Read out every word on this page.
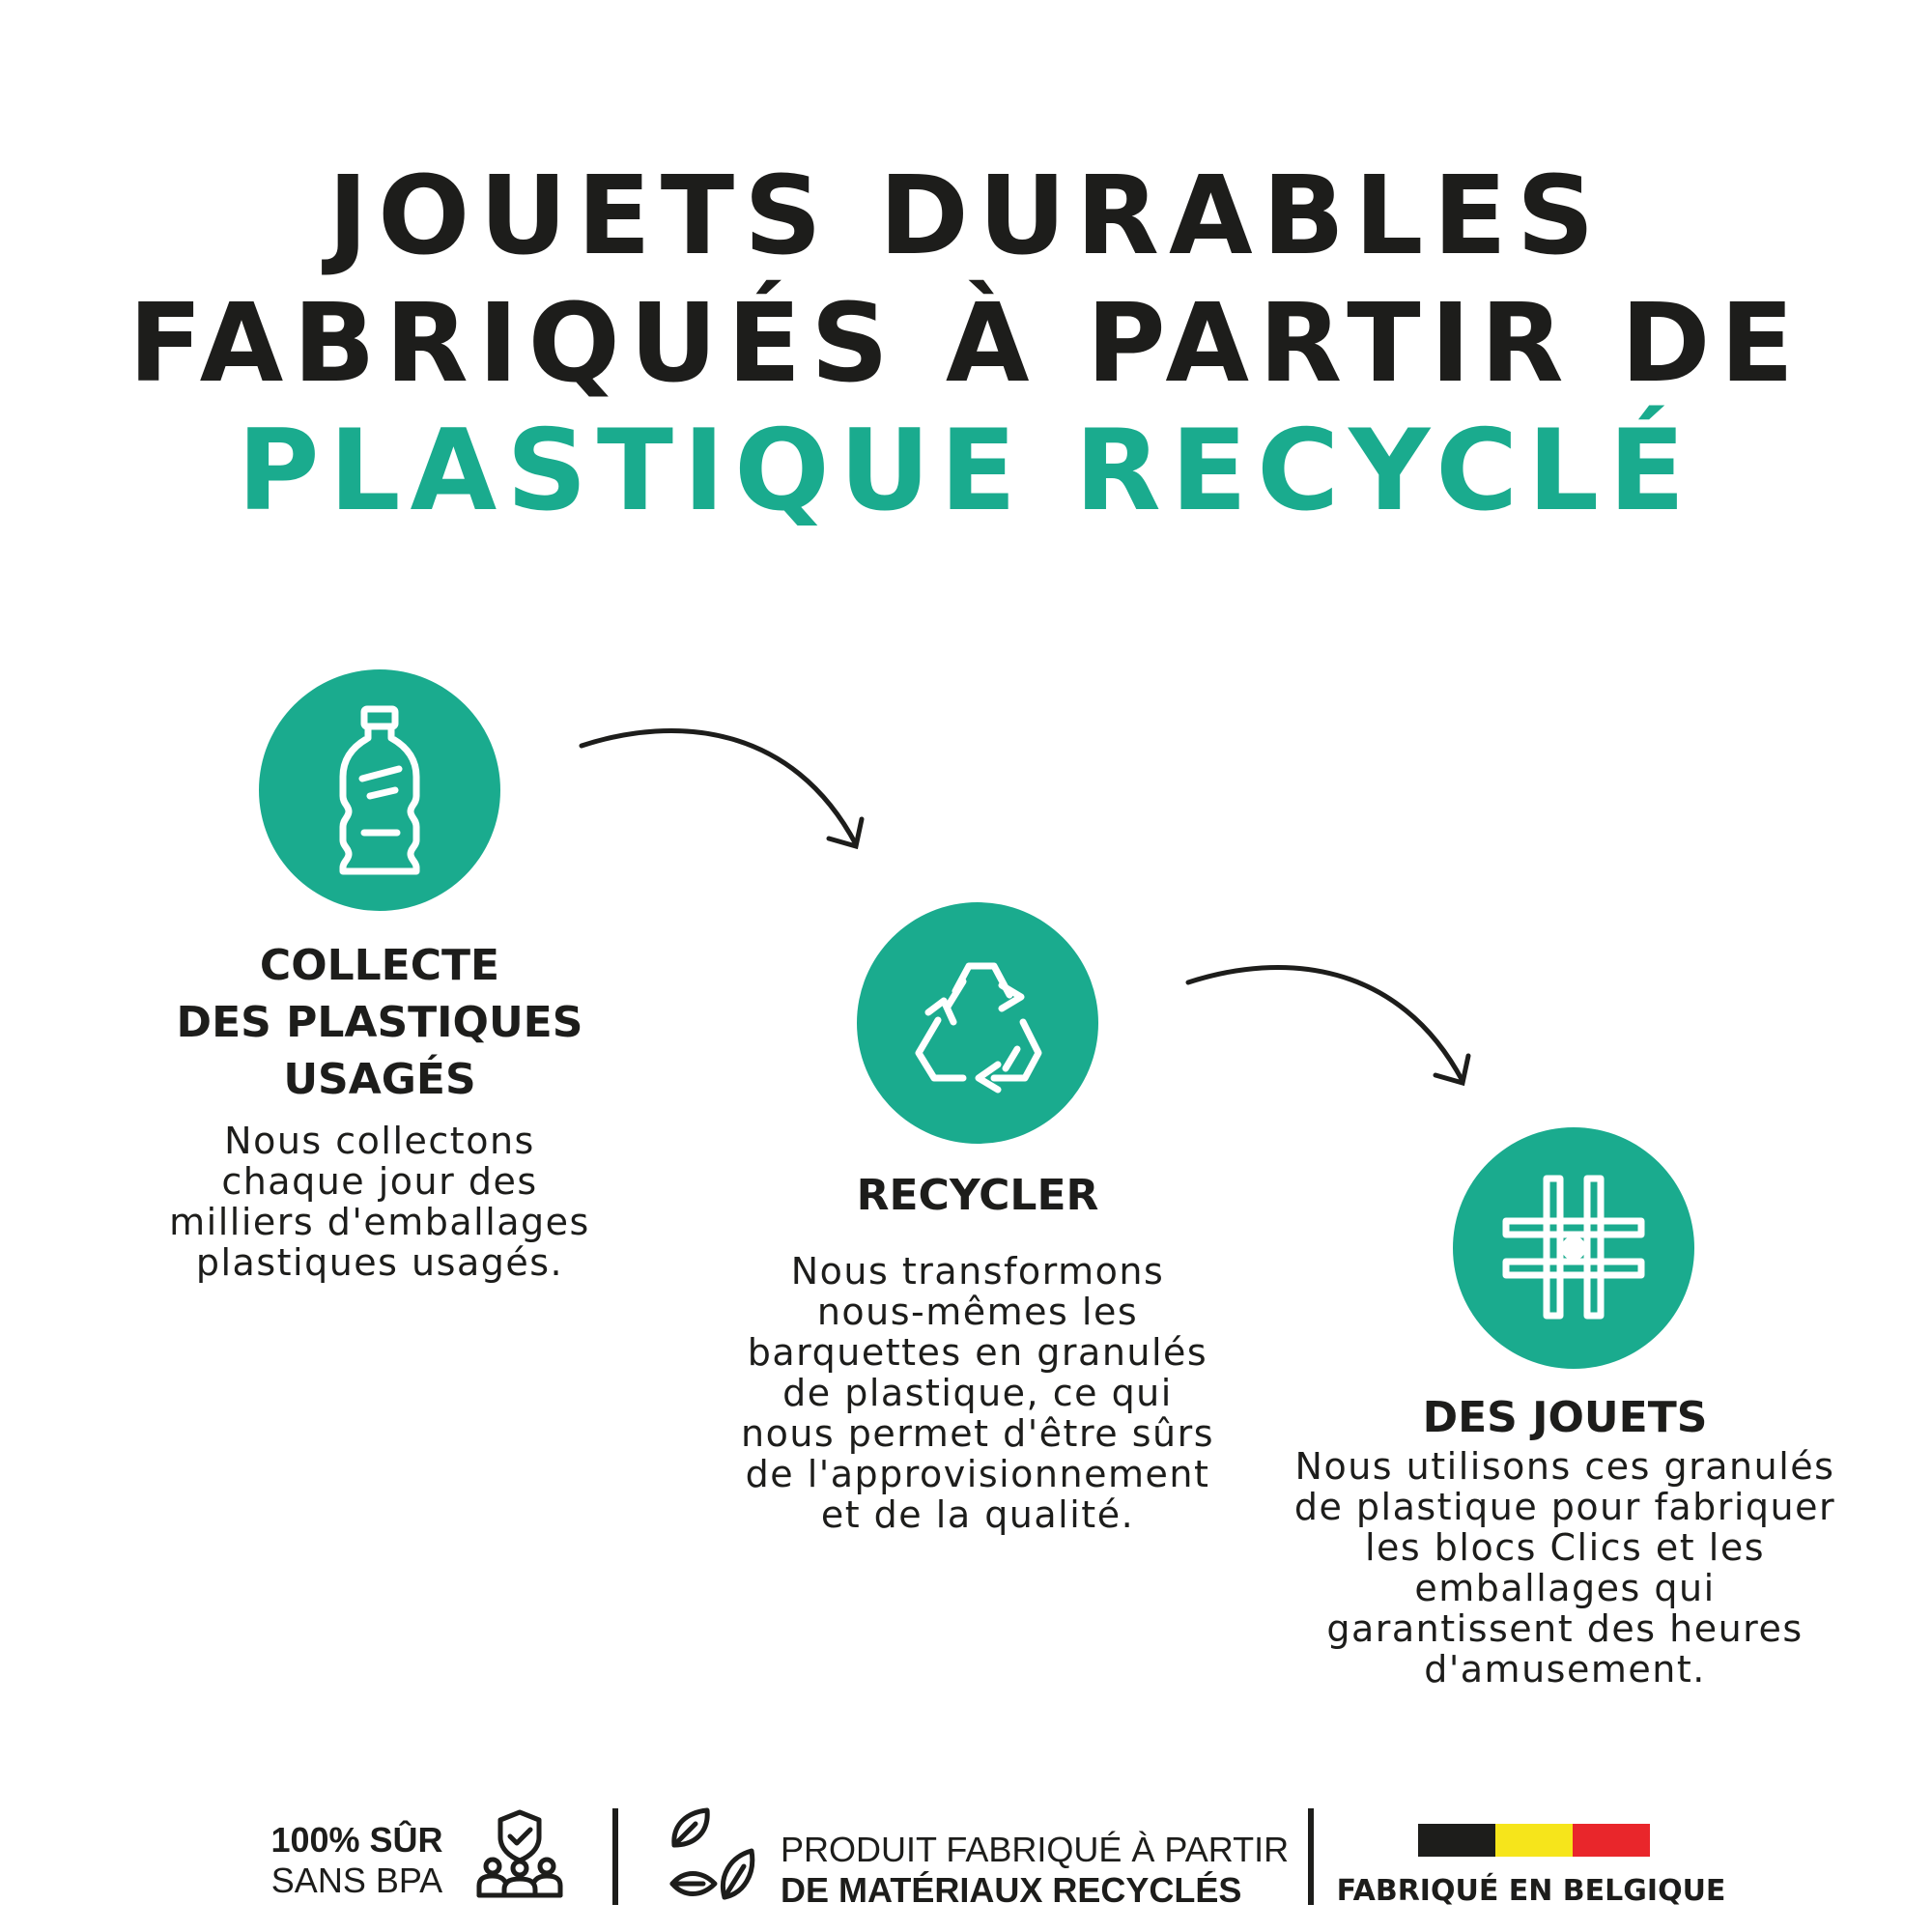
JOUETS DURABLES
FABRIQUÉS À PARTIR DE
PLASTIQUE RECYCLÉ

COLLECTE
DES PLASTIQUES
USAGÉS

Nous collectons
chaque jour des
milliers d'emballages
plastiques usagés.

RECYCLER

Nous transformons
nous-mêmes les
barquettes en granulés
de plastique, ce qui
nous permet d'être sûrs
de l'approvisionnement
et de la qualité.

DES JOUETS

Nous utilisons ces granulés
de plastique pour fabriquer
les blocs Clics et les
emballages qui
garantissent des heures
d'amusement.

100% SÛR
SANS BPA
PRODUIT FABRIQUÉ À PARTIR
DE MATÉRIAUX RECYCLÉS	FABRIQUÉ EN BELGIQUE
